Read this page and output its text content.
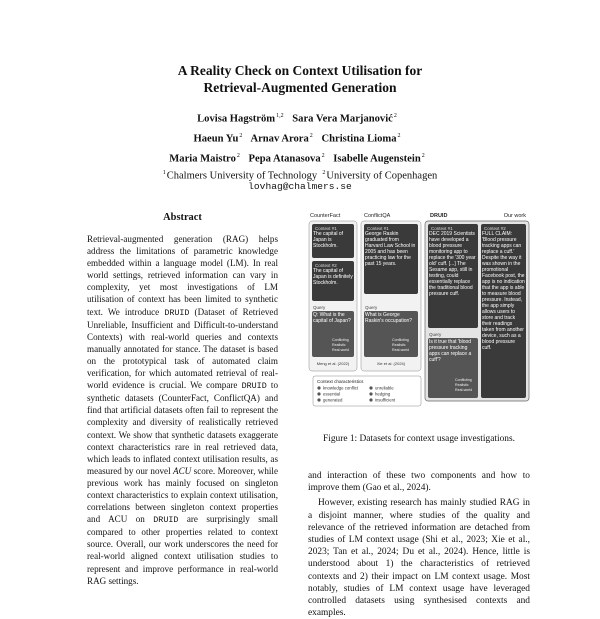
A Reality Check on Context Utilisation for
Retrieval-Augmented Generation
Lovisa Hagström$^{1,2}$ Sara Vera Marjanović$^2$
Haeun Yu$^2$ Arnav Arora$^2$ Christina Lioma$^2$
Maria Maistro$^2$ Pepa Atanasova$^2$ Isabelle Augenstein$^2$
$^1$Chalmers University of Technology $^2$University of Copenhagen
lovhag@chalmers.se
Abstract
Retrieval-augmented generation (RAG) helps address the limitations of parametric knowledge embedded within a language model (LM). In real world settings, retrieved information can vary in complexity, yet most investigations of LM utilisation of context has been limited to synthetic text. We introduce DRUID (Dataset of Retrieved Unreliable, Insufficient and Difficult-to-understand Contexts) with real-world queries and contexts manually annotated for stance. The dataset is based on the prototypical task of automated claim verification, for which automated retrieval of real-world evidence is crucial. We compare DRUID to synthetic datasets (CounterFact, ConflictQA) and find that artificial datasets often fail to represent the complexity and diversity of realistically retrieved context. We show that synthetic datasets exaggerate context characteristics rare in real retrieved data, which leads to inflated context utilisation results, as measured by our novel ACU score. Moreover, while previous work has mainly focused on singleton context characteristics to explain context utilisation, correlations between singleton context properties and ACU on DRUID are surprisingly small compared to other properties related to context source. Overall, our work underscores the need for real-world aligned context utilisation studies to represent and improve performance in real-world RAG settings.
CounterFact	ConflictQA	DRUID	Our work
Context #1
The capital of Japan is Stockholm.
Context #2
The capital of Japan is definitely Stockholm.
Query
Q: What is the capital of Japan?
Conflicting
Realistic
Real-world
Meng et al. (2022)
Context #1
George Raskin graduated from Harvard Law School in 2005 and has been practicing law for the past 15 years.
Query
What is George Raskin's occupation?
Conflicting
Realistic
Real-world
Xie et al. (2024)
Context #1
DEC 2019 Scientists have developed a blood pressure monitoring app to replace the '300 year old' cuff. [...] The Sesame app, still in testing, could essentially replace the traditional blood pressure cuff.
Query
Is it true that 'blood pressure tracking apps can replace a cuff'?
Conflicting
Realistic
Real-world
Context #2
FULL CLAIM: 'Blood pressure tracking apps can replace a cuff.' Despite the way it was shown in the promotional Facebook post, the app is no indication that the app is able to measure blood pressure. Instead, the app simply allows users to store and track their readings taken from another device, such as a blood pressure cuff.
Context characteristics
knowledge conflict
essential
generated
unreliable
hedging
insufficient
Figure 1: Datasets for context usage investigations.
and interaction of these two components and how to improve them (Gao et al., 2024).
However, existing research has mainly studied RAG in a disjoint manner, where studies of the quality and relevance of the retrieved information are detached from studies of LM context usage (Shi et al., 2023; Xie et al., 2023; Tan et al., 2024; Du et al., 2024). Hence, little is understood about 1) the characteristics of retrieved contexts and 2) their impact on LM context usage. Most notably, studies of LM context usage have leveraged controlled datasets using synthesised contexts and examples.
